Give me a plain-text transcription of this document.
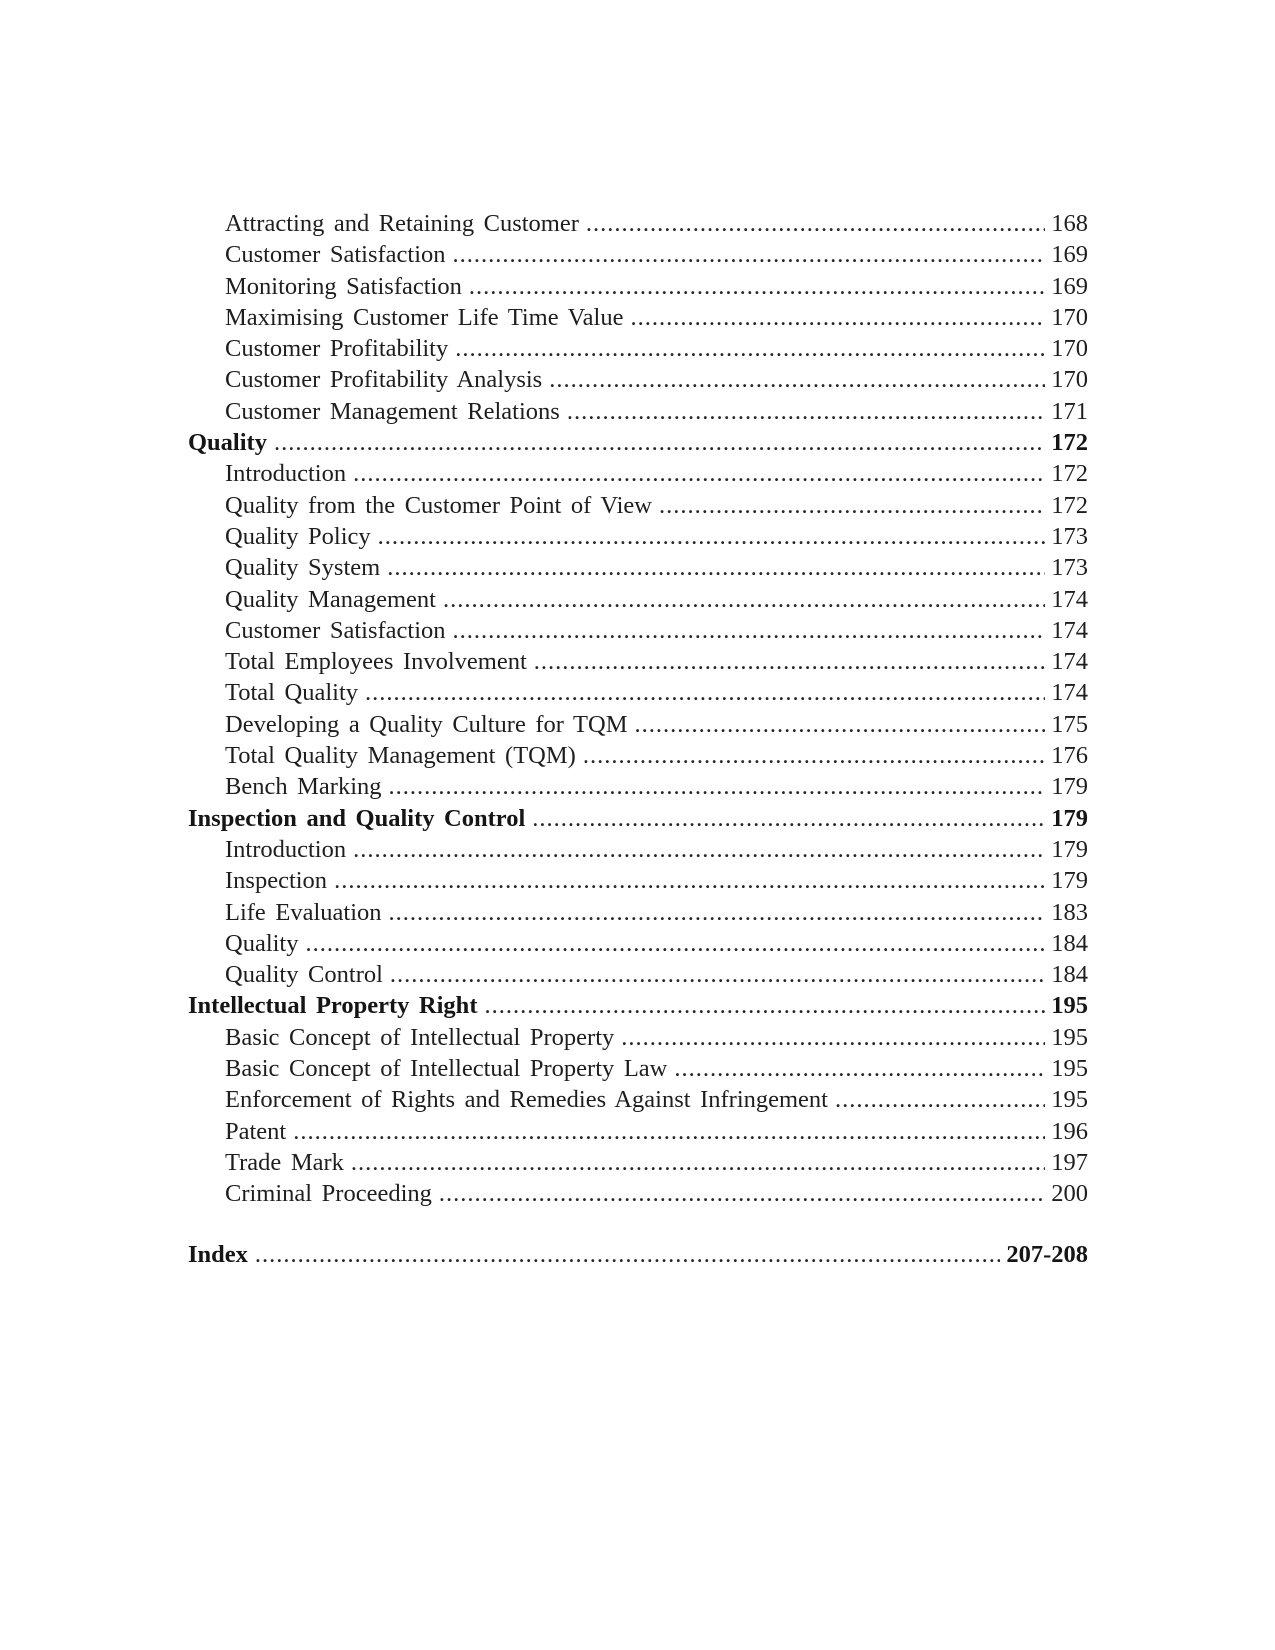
Attracting and Retaining Customer .....	168
Customer Satisfaction .....	169
Monitoring Satisfaction .....	169
Maximising Customer Life Time Value .....	170
Customer Profitability .....	170
Customer Profitability Analysis .....	170
Customer Management Relations .....	171
Quality .....	172
Introduction .....	172
Quality from the Customer Point of View .....	172
Quality Policy .....	173
Quality System .....	173
Quality Management .....	174
Customer Satisfaction .....	174
Total Employees Involvement .....	174
Total Quality .....	174
Developing a Quality Culture for TQM .....	175
Total Quality Management (TQM) .....	176
Bench Marking .....	179
Inspection and Quality Control .....	179
Introduction .....	179
Inspection .....	179
Life Evaluation .....	183
Quality .....	184
Quality Control .....	184
Intellectual Property Right .....	195
Basic Concept of Intellectual Property .....	195
Basic Concept of Intellectual Property Law .....	195
Enforcement of Rights and Remedies Against Infringement .....	195
Patent .....	196
Trade Mark .....	197
Criminal Proceeding .....	200
Index .....	207-208
